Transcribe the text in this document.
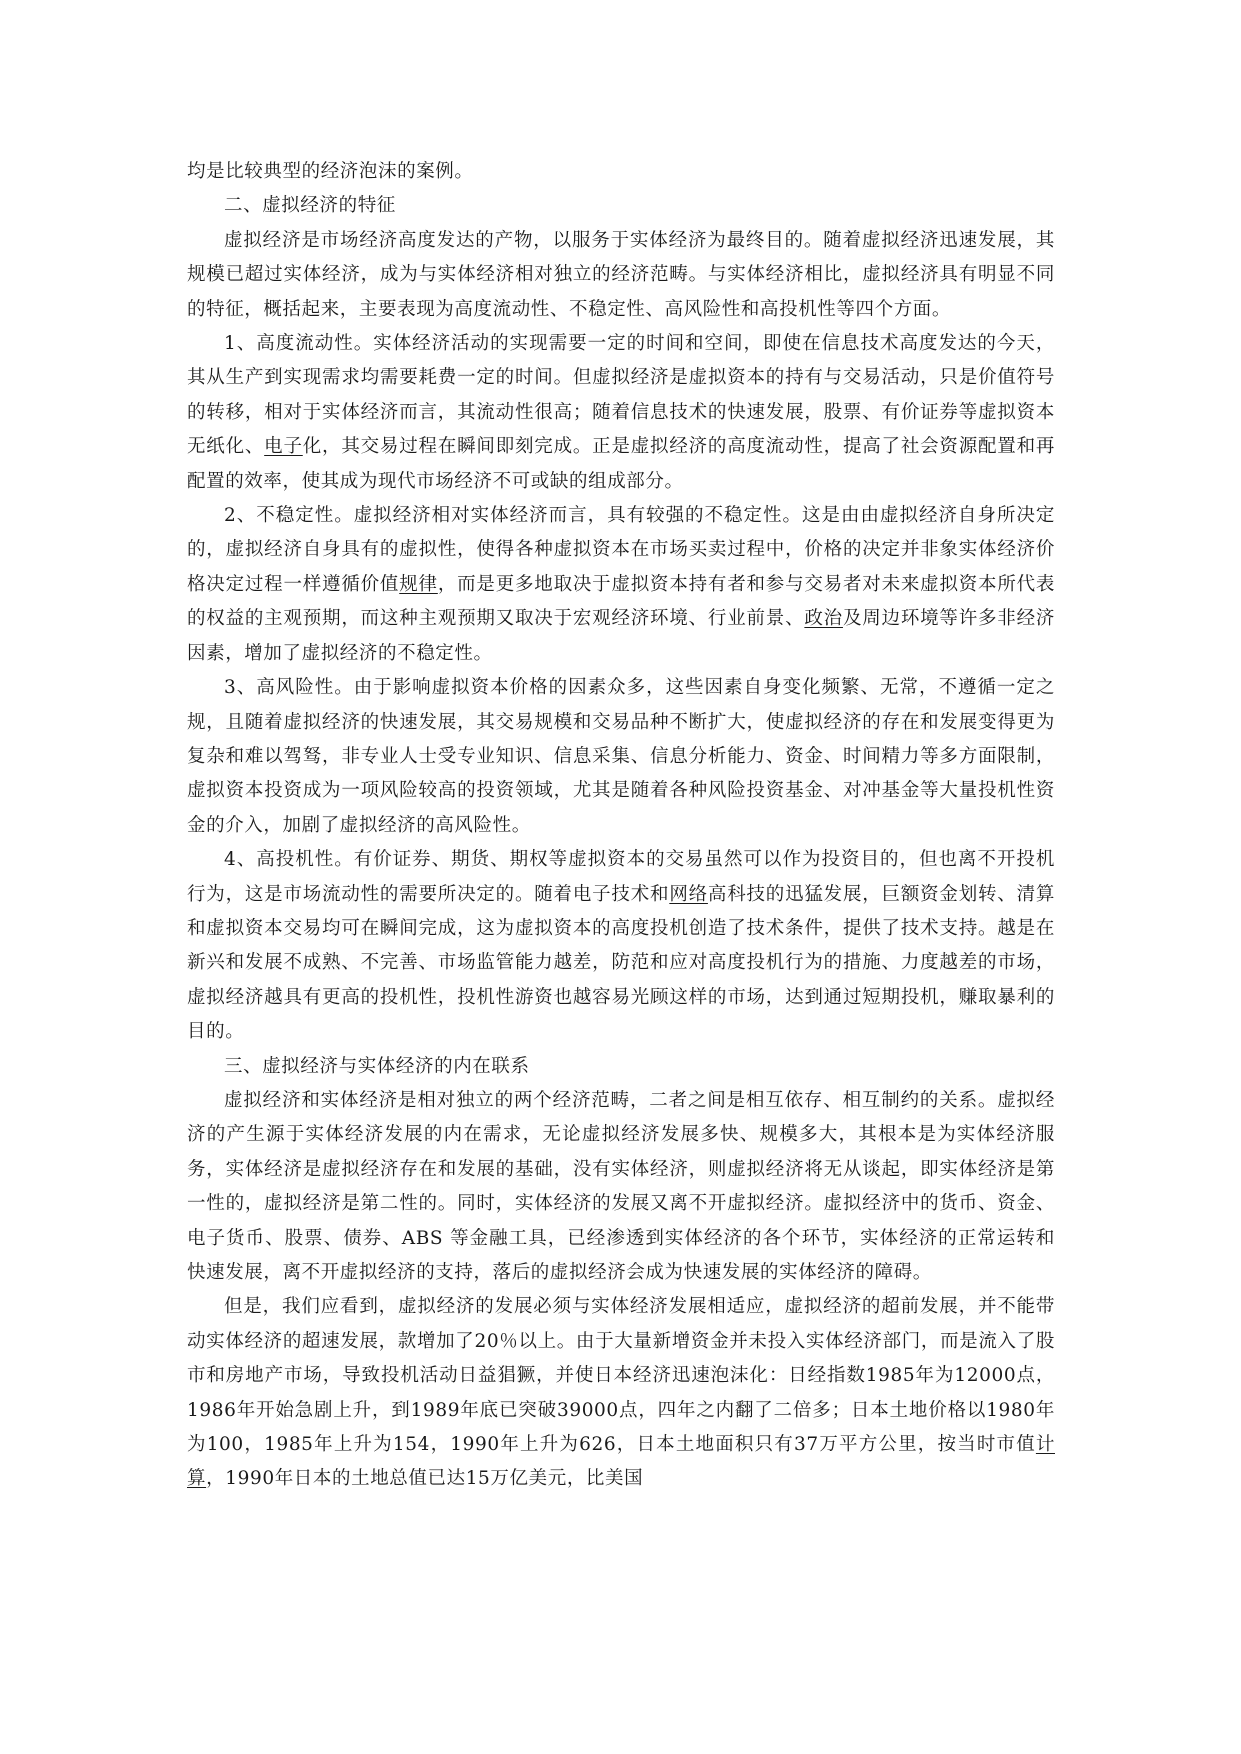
均是比较典型的经济泡沫的案例。

二、虚拟经济的特征

虚拟经济是市场经济高度发达的产物，以服务于实体经济为最终目的。随着虚拟经济迅速发展，其规模已超过实体经济，成为与实体经济相对独立的经济范畴。与实体经济相比，虚拟经济具有明显不同的特征，概括起来，主要表现为高度流动性、不稳定性、高风险性和高投机性等四个方面。

1、高度流动性。实体经济活动的实现需要一定的时间和空间，即使在信息技术高度发达的今天，其从生产到实现需求均需要耗费一定的时间。但虚拟经济是虚拟资本的持有与交易活动，只是价值符号的转移，相对于实体经济而言，其流动性很高；随着信息技术的快速发展，股票、有价证券等虚拟资本无纸化、电子化，其交易过程在瞬间即刻完成。正是虚拟经济的高度流动性，提高了社会资源配置和再配置的效率，使其成为现代市场经济不可或缺的组成部分。

2、不稳定性。虚拟经济相对实体经济而言，具有较强的不稳定性。这是由由虚拟经济自身所决定的，虚拟经济自身具有的虚拟性，使得各种虚拟资本在市场买卖过程中，价格的决定并非象实体经济价格决定过程一样遵循价值规律，而是更多地取决于虚拟资本持有者和参与交易者对未来虚拟资本所代表的权益的主观预期，而这种主观预期又取决于宏观经济环境、行业前景、政治及周边环境等许多非经济因素，增加了虚拟经济的不稳定性。

3、高风险性。由于影响虚拟资本价格的因素众多，这些因素自身变化频繁、无常，不遵循一定之规，且随着虚拟经济的快速发展，其交易规模和交易品种不断扩大，使虚拟经济的存在和发展变得更为复杂和难以驾驽，非专业人士受专业知识、信息采集、信息分析能力、资金、时间精力等多方面限制，虚拟资本投资成为一项风险较高的投资领域，尤其是随着各种风险投资基金、对冲基金等大量投机性资金的介入，加剧了虚拟经济的高风险性。

4、高投机性。有价证券、期货、期权等虚拟资本的交易虽然可以作为投资目的，但也离不开投机行为，这是市场流动性的需要所决定的。随着电子技术和网络高科技的迅猛发展，巨额资金划转、清算和虚拟资本交易均可在瞬间完成，这为虚拟资本的高度投机创造了技术条件，提供了技术支持。越是在新兴和发展不成熟、不完善、市场监管能力越差，防范和应对高度投机行为的措施、力度越差的市场，虚拟经济越具有更高的投机性，投机性游资也越容易光顾这样的市场，达到通过短期投机，赚取暴利的目的。

三、虚拟经济与实体经济的内在联系

虚拟经济和实体经济是相对独立的两个经济范畴，二者之间是相互依存、相互制约的关系。虚拟经济的产生源于实体经济发展的内在需求，无论虚拟经济发展多快、规模多大，其根本是为实体经济服务，实体经济是虚拟经济存在和发展的基础，没有实体经济，则虚拟经济将无从谈起，即实体经济是第一性的，虚拟经济是第二性的。同时，实体经济的发展又离不开虚拟经济。虚拟经济中的货币、资金、电子货币、股票、债券、ABS 等金融工具，已经渗透到实体经济的各个环节，实体经济的正常运转和快速发展，离不开虚拟经济的支持，落后的虚拟经济会成为快速发展的实体经济的障碍。

但是，我们应看到，虚拟经济的发展必须与实体经济发展相适应，虚拟经济的超前发展，并不能带动实体经济的超速发展，款增加了20％以上。由于大量新增资金并未投入实体经济部门，而是流入了股市和房地产市场，导致投机活动日益猖獗，并使日本经济迅速泡沫化：日经指数1985年为12000点，1986年开始急剧上升，到1989年底已突破39000点，四年之内翻了二倍多；日本土地价格以1980年为100，1985年上升为154，1990年上升为626，日本土地面积只有37万平方公里，按当时市值计算，1990年日本的土地总值已达15万亿美元，比美国
